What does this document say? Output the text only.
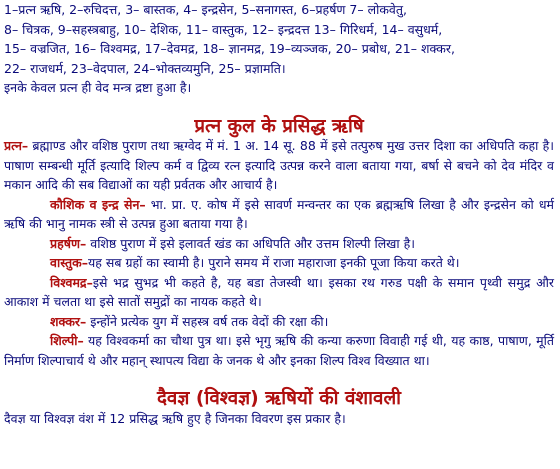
1–प्रत्न ऋषि, 2–रुचिदत्त, 3– बास्तक, 4– इन्द्रसेन, 5–सनागस्त, 6–प्रहर्षण 7– लोकवेतु,

8– चित्रक, 9–सहस्त्रबाहु, 10– देशिक, 11– वास्तुक, 12– इन्द्रदत्त 13– गिरिधर्म, 14– वसुधर्म,

15– वज्रजित, 16– विश्वमद्र, 17–देवमद्र, 18– ज्ञानमद्र, 19–व्यञ्जक, 20– प्रबोध, 21– शक्कर,

22– राजधर्म, 23–वेदपाल, 24–भोक्तव्यमुनि, 25– प्रज्ञामति।

इनके केवल प्रत्न ही वेद मन्त्र द्रष्टा हुआ है।

प्रत्न कुल के प्रसिद्ध ऋषि

प्रत्न– ब्रह्माण्ड और वशिष्ठ पुराण तथा ऋग्वेद में मं. 1 अ. 14 सू. 88 में इसे तत्पुरुष मुख उत्तर दिशा का अधिपति कहा है। पाषाण सम्बन्धी मूर्ति इत्यादि शिल्प कर्म व द्विव्य रत्न इत्यादि उत्पन्न करने वाला बताया गया, बर्षा से बचने को देव मंदिर व मकान आदि की सब विद्याओं का यही प्रर्वतक और आचार्य है।

कौशिक व इन्द्र सेन– भा. प्रा. ए. कोष में इसे सावर्ण मन्वन्तर का एक ब्रह्मऋषि लिखा है और इन्द्रसेन को धर्म ऋषि की भानु नामक स्त्री से उत्पन्न हुआ बताया गया है।

प्रहर्षण– वशिष्ठ पुराण में इसे इलावर्त खंड का अधिपति और उत्तम शिल्पी लिखा है।

वास्तुक–यह सब ग्रहों का स्वामी है। पुराने समय में राजा महाराजा इनकी पूजा किया करते थे।

विश्वमद्र–इसे भद्र सुभद्र भी कहते है, यह बडा तेजस्वी था। इसका रथ गरुड पक्षी के समान पृथ्वी समुद्र और आकाश में चलता था इसे सातों समुद्रों का नायक कहते थे।

शक्कर– इन्होंने प्रत्येक युग में सहस्त्र वर्ष तक वेदों की रक्षा की।

शिल्पी– यह विश्वकर्मा का चौथा पुत्र था। इसे भृगु ऋषि की कन्या करुणा विवाही गई थी, यह काष्ठ, पाषाण, मूर्ति निर्माण शिल्पाचार्य थे और महान् स्थापत्य विद्या के जनक थे और इनका शिल्प विश्व विख्यात था।

दैवज्ञ (विश्वज्ञ) ऋषियों की वंशावली

दैवज्ञ या विश्वज्ञ वंश में 12 प्रसिद्ध ऋषि हुए है जिनका विवरण इस प्रकार है।
